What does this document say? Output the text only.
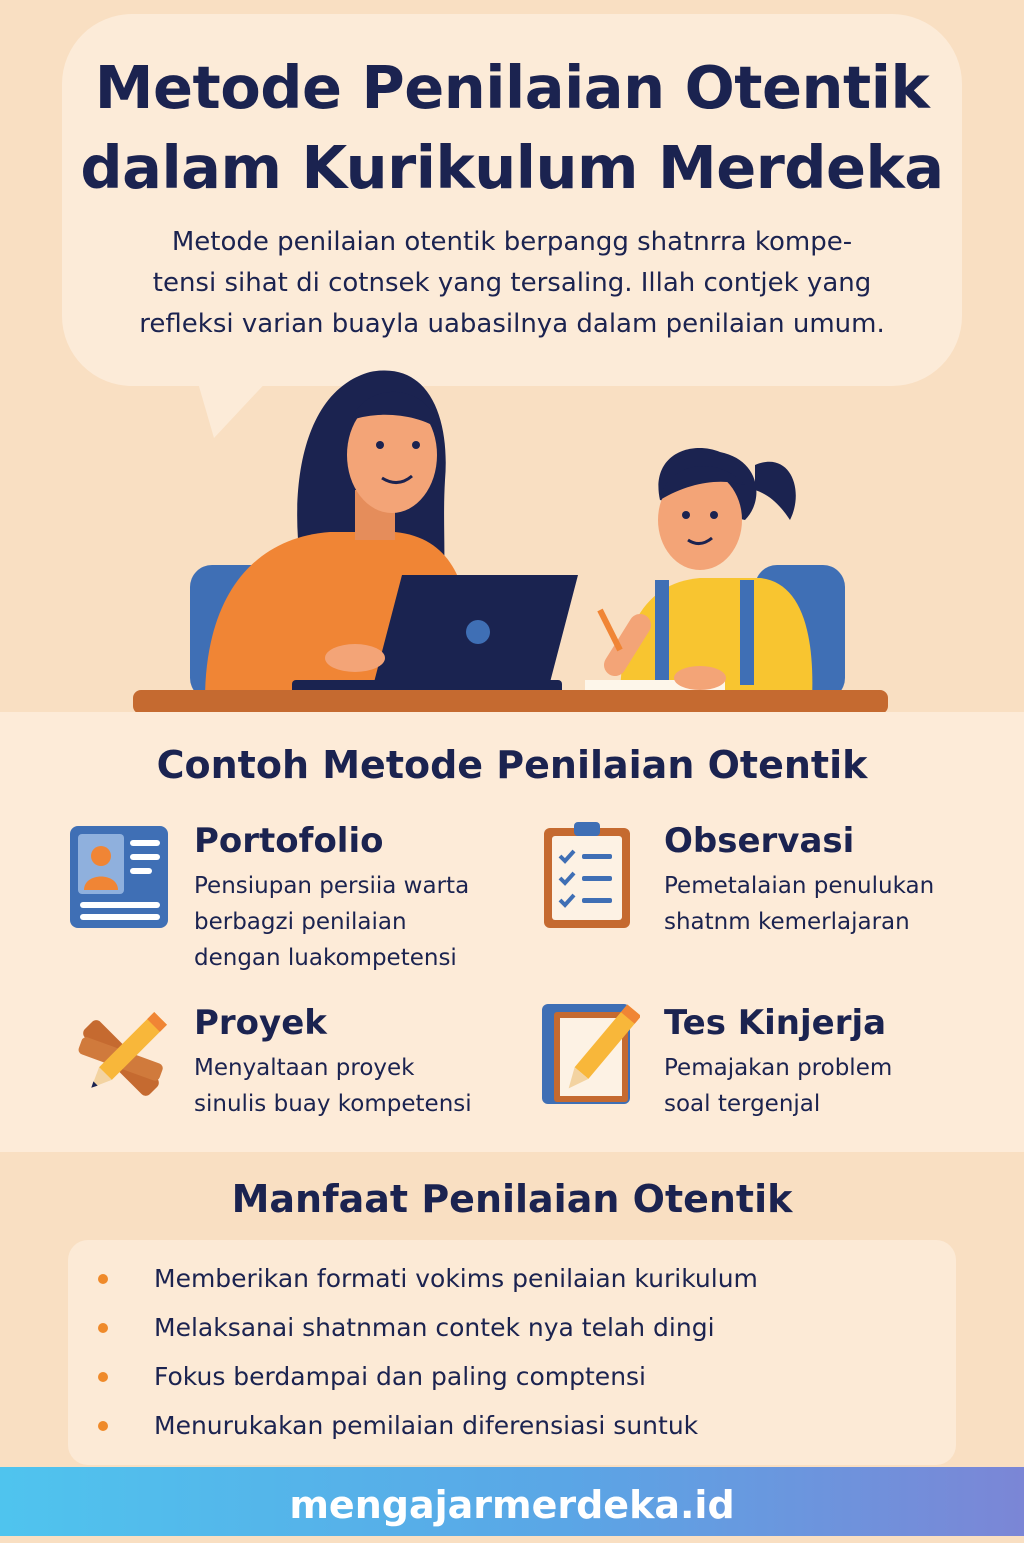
Metode Penilaian Otentik
dalam Kurikulum Merdeka

Metode penilaian otentik berpangg shatnrra kompe-
tensi sihat di cotnsek yang tersaling. Illah contjek yang
refleksi varian buayla uabasilnya dalam penilaian umum.

Contoh Metode Penilaian Otentik
Portofolio
Pensiupan persiia warta
berbagzi penilaian
dengan luakompetensi
Observasi
Pemetalaian penulukan
shatnm kemerlajaran
Proyek
Menyaltaan proyek
sinulis buay kompetensi
Tes Kinjerja
Pemajakan problem
soal tergenjal
Manfaat Penilaian Otentik
Memberikan formati vokims penilaian kurikulum
Melaksanai shatnman contek nya telah dingi
Fokus berdampai dan paling comptensi
Menurukakan pemilaian diferensiasi suntuk
mengajarmerdeka.id
